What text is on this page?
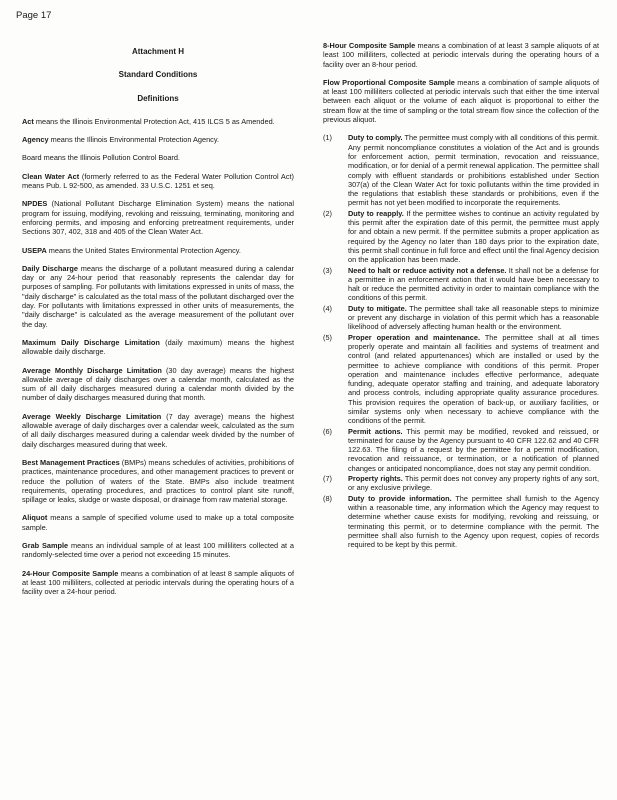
Page 17
Attachment H
Standard Conditions
Definitions
Act means the Illinois Environmental Protection Act, 415 ILCS 5 as Amended.
Agency means the Illinois Environmental Protection Agency.
Board means the Illinois Pollution Control Board.
Clean Water Act (formerly referred to as the Federal Water Pollution Control Act) means Pub. L 92-500, as amended. 33 U.S.C. 1251 et seq.
NPDES (National Pollutant Discharge Elimination System) means the national program for issuing, modifying, revoking and reissuing, terminating, monitoring and enforcing permits, and imposing and enforcing pretreatment requirements, under Sections 307, 402, 318 and 405 of the Clean Water Act.
USEPA means the United States Environmental Protection Agency.
Daily Discharge means the discharge of a pollutant measured during a calendar day or any 24-hour period that reasonably represents the calendar day for purposes of sampling. For pollutants with limitations expressed in units of mass, the "daily discharge" is calculated as the total mass of the pollutant discharged over the day. For pollutants with limitations expressed in other units of measurements, the "daily discharge" is calculated as the average measurement of the pollutant over the day.
Maximum Daily Discharge Limitation (daily maximum) means the highest allowable daily discharge.
Average Monthly Discharge Limitation (30 day average) means the highest allowable average of daily discharges over a calendar month, calculated as the sum of all daily discharges measured during a calendar month divided by the number of daily discharges measured during that month.
Average Weekly Discharge Limitation (7 day average) means the highest allowable average of daily discharges over a calendar week, calculated as the sum of all daily discharges measured during a calendar week divided by the number of daily discharges measured during that week.
Best Management Practices (BMPs) means schedules of activities, prohibitions of practices, maintenance procedures, and other management practices to prevent or reduce the pollution of waters of the State. BMPs also include treatment requirements, operating procedures, and practices to control plant site runoff, spillage or leaks, sludge or waste disposal, or drainage from raw material storage.
Aliquot means a sample of specified volume used to make up a total composite sample.
Grab Sample means an individual sample of at least 100 milliliters collected at a randomly-selected time over a period not exceeding 15 minutes.
24-Hour Composite Sample means a combination of at least 8 sample aliquots of at least 100 milliliters, collected at periodic intervals during the operating hours of a facility over a 24-hour period.
8-Hour Composite Sample means a combination of at least 3 sample aliquots of at least 100 milliliters, collected at periodic intervals during the operating hours of a facility over an 8-hour period.
Flow Proportional Composite Sample means a combination of sample aliquots of at least 100 milliliters collected at periodic intervals such that either the time interval between each aliquot or the volume of each aliquot is proportional to either the stream flow at the time of sampling or the total stream flow since the collection of the previous aliquot.
(1) Duty to comply. The permittee must comply with all conditions of this permit. Any permit noncompliance constitutes a violation of the Act and is grounds for enforcement action, permit termination, revocation and reissuance, modification, or for denial of a permit renewal application. The permittee shall comply with effluent standards or prohibitions established under Section 307(a) of the Clean Water Act for toxic pollutants within the time provided in the regulations that establish these standards or prohibitions, even if the permit has not yet been modified to incorporate the requirements.
(2) Duty to reapply. If the permittee wishes to continue an activity regulated by this permit after the expiration date of this permit, the permittee must apply for and obtain a new permit. If the permittee submits a proper application as required by the Agency no later than 180 days prior to the expiration date, this permit shall continue in full force and effect until the final Agency decision on the application has been made.
(3) Need to halt or reduce activity not a defense. It shall not be a defense for a permittee in an enforcement action that it would have been necessary to halt or reduce the permitted activity in order to maintain compliance with the conditions of this permit.
(4) Duty to mitigate. The permittee shall take all reasonable steps to minimize or prevent any discharge in violation of this permit which has a reasonable likelihood of adversely affecting human health or the environment.
(5) Proper operation and maintenance. The permittee shall at all times properly operate and maintain all facilities and systems of treatment and control (and related appurtenances) which are installed or used by the permittee to achieve compliance with conditions of this permit. Proper operation and maintenance includes effective performance, adequate funding, adequate operator staffing and training, and adequate laboratory and process controls, including appropriate quality assurance procedures. This provision requires the operation of back-up, or auxiliary facilities, or similar systems only when necessary to achieve compliance with the conditions of the permit.
(6) Permit actions. This permit may be modified, revoked and reissued, or terminated for cause by the Agency pursuant to 40 CFR 122.62 and 40 CFR 122.63. The filing of a request by the permittee for a permit modification, revocation and reissuance, or termination, or a notification of planned changes or anticipated noncompliance, does not stay any permit condition.
(7) Property rights. This permit does not convey any property rights of any sort, or any exclusive privilege.
(8) Duty to provide information. The permittee shall furnish to the Agency within a reasonable time, any information which the Agency may request to determine whether cause exists for modifying, revoking and reissuing, or terminating this permit, or to determine compliance with the permit. The permittee shall also furnish to the Agency upon request, copies of records required to be kept by this permit.
